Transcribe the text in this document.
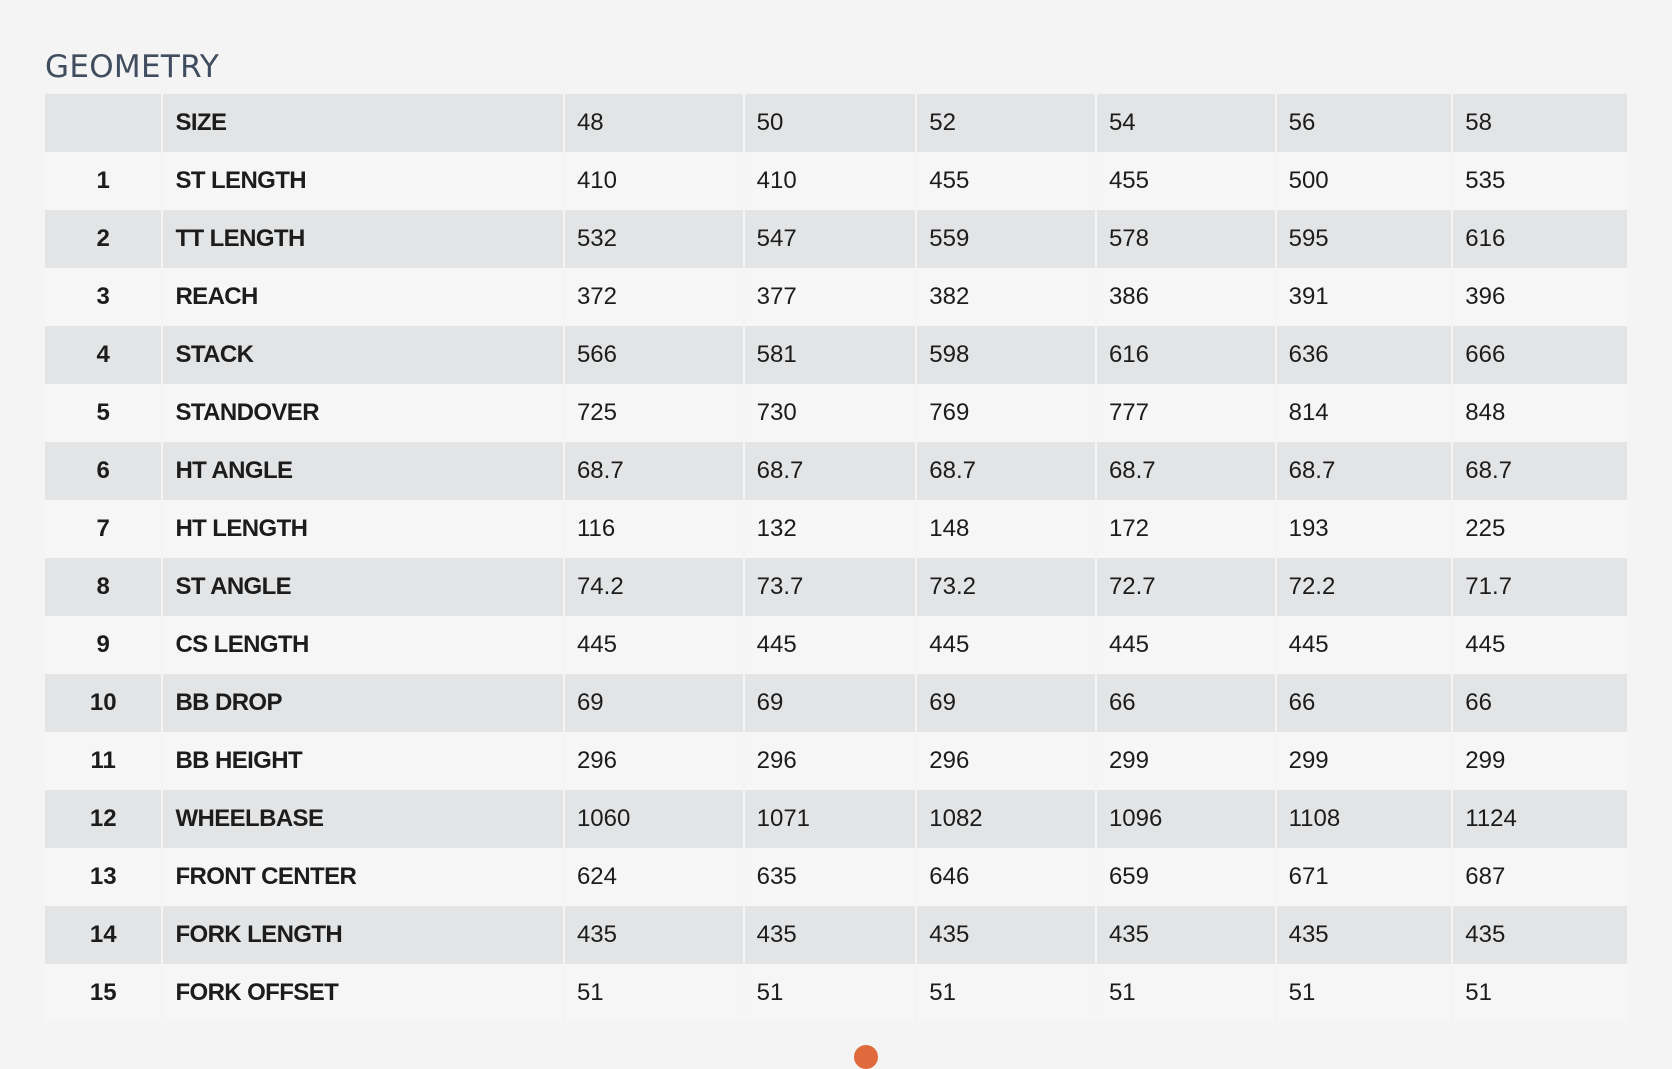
GEOMETRY
	SIZE	48	50	52	54	56	58
1	ST LENGTH	410	410	455	455	500	535
2	TT LENGTH	532	547	559	578	595	616
3	REACH	372	377	382	386	391	396
4	STACK	566	581	598	616	636	666
5	STANDOVER	725	730	769	777	814	848
6	HT ANGLE	68.7	68.7	68.7	68.7	68.7	68.7
7	HT LENGTH	116	132	148	172	193	225
8	ST ANGLE	74.2	73.7	73.2	72.7	72.2	71.7
9	CS LENGTH	445	445	445	445	445	445
10	BB DROP	69	69	69	66	66	66
11	BB HEIGHT	296	296	296	299	299	299
12	WHEELBASE	1060	1071	1082	1096	1108	1124
13	FRONT CENTER	624	635	646	659	671	687
14	FORK LENGTH	435	435	435	435	435	435
15	FORK OFFSET	51	51	51	51	51	51
